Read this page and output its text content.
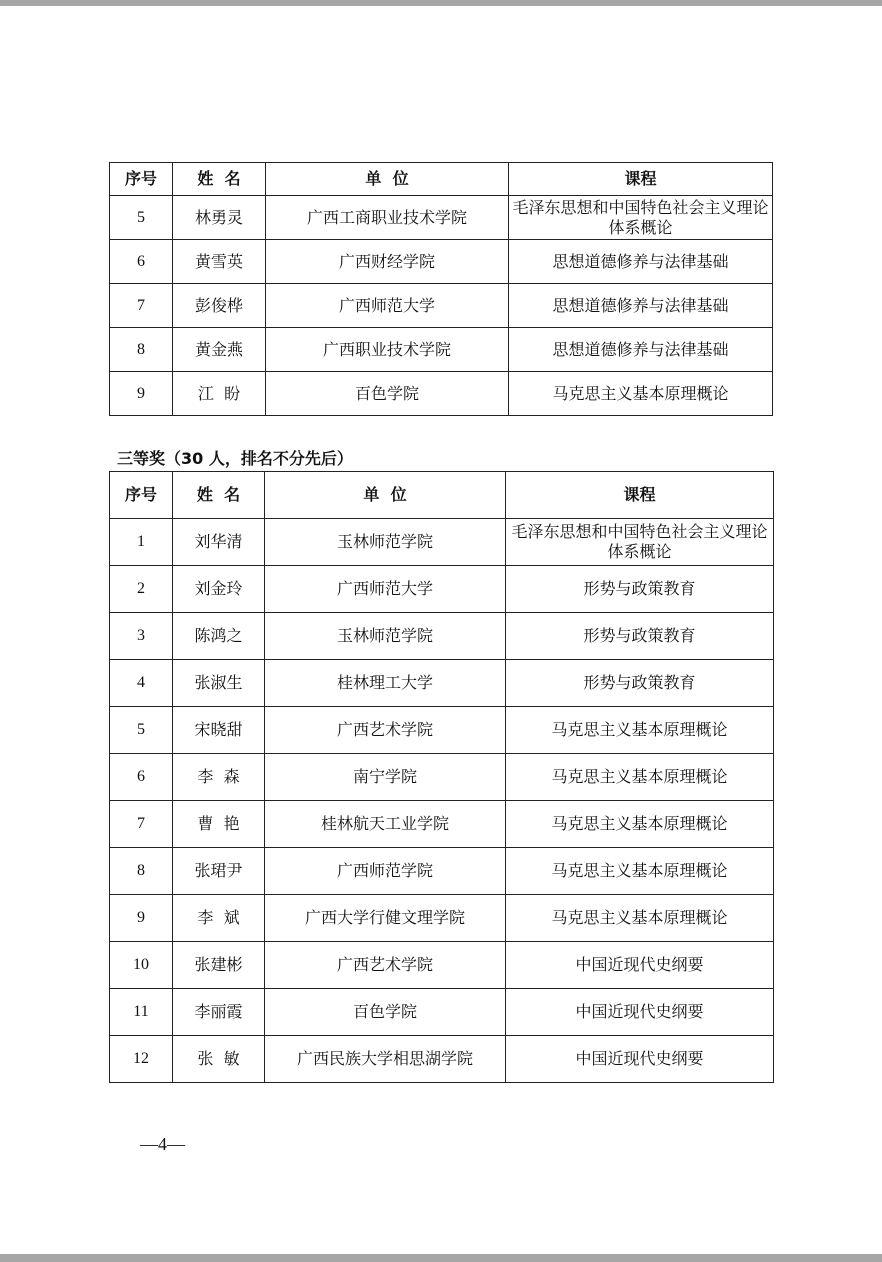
序号	姓  名	单  位	课程
5	林勇灵	广西工商职业技术学院	毛泽东思想和中国特色社会主义理论体系概论
6	黄雪英	广西财经学院	思想道德修养与法律基础
7	彭俊桦	广西师范大学	思想道德修养与法律基础
8	黄金燕	广西职业技术学院	思想道德修养与法律基础
9	江  盼	百色学院	马克思主义基本原理概论
三等奖（30 人，排名不分先后）
序号	姓  名	单  位	课程
1	刘华清	玉林师范学院	毛泽东思想和中国特色社会主义理论体系概论
2	刘金玲	广西师范大学	形势与政策教育
3	陈鸿之	玉林师范学院	形势与政策教育
4	张淑生	桂林理工大学	形势与政策教育
5	宋晓甜	广西艺术学院	马克思主义基本原理概论
6	李  森	南宁学院	马克思主义基本原理概论
7	曹  艳	桂林航天工业学院	马克思主义基本原理概论
8	张珺尹	广西师范学院	马克思主义基本原理概论
9	李  斌	广西大学行健文理学院	马克思主义基本原理概论
10	张建彬	广西艺术学院	中国近现代史纲要
11	李丽霞	百色学院	中国近现代史纲要
12	张  敏	广西民族大学相思湖学院	中国近现代史纲要
—4—
